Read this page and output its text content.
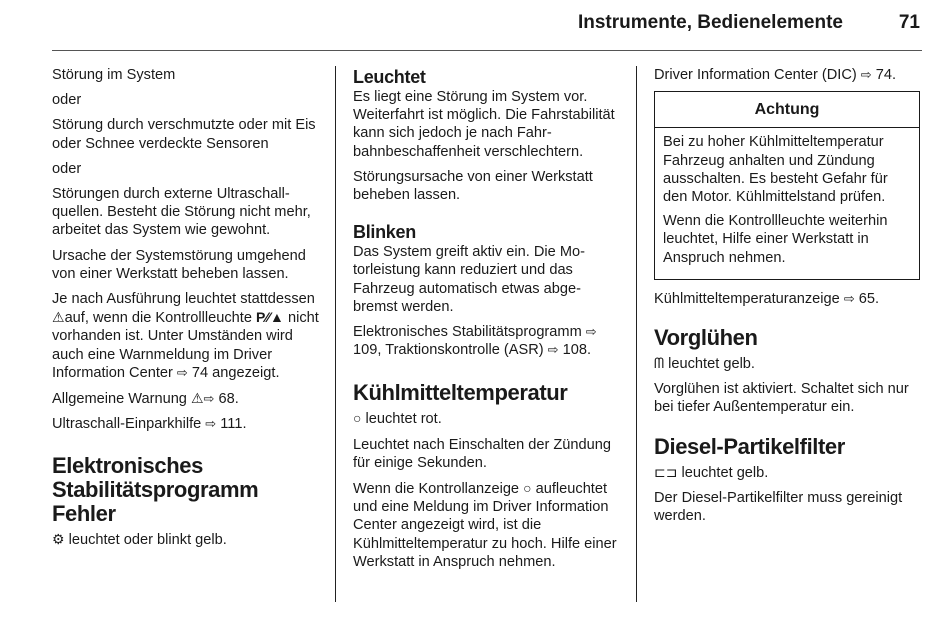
Instrumente, Bedienelemente	71

Störung im System

oder

Störung durch verschmutzte oder mit Eis oder Schnee verdeckte Sensoren

oder

Störungen durch externe Ultraschallquellen. Besteht die Störung nicht mehr, arbeitet das System wie gewohnt.

Ursache der Systemstörung umgehend von einer Werkstatt beheben lassen.

Je nach Ausführung leuchtet stattdessen ⚠auf, wenn die Kontrollleuchte P⁄⁄▲ nicht vorhanden ist. Unter Umständen wird auch eine Warnmeldung im Driver Information Center ⇨ 74 angezeigt.

Allgemeine Warnung ⚠⇨ 68.

Ultraschall-Einparkhilfe ⇨ 111.

Elektronisches Stabilitätsprogramm Fehler

⚙ leuchtet oder blinkt gelb.

Leuchtet

Es liegt eine Störung im System vor. Weiterfahrt ist möglich. Die Fahrstabilität kann sich jedoch je nach Fahrbahnbeschaffenheit verschlechtern.

Störungsursache von einer Werkstatt beheben lassen.

Blinken

Das System greift aktiv ein. Die Motorleistung kann reduziert und das Fahrzeug automatisch etwas abgebremst werden.

Elektronisches Stabilitätsprogramm ⇨ 109, Traktionskontrolle (ASR) ⇨ 108.

Kühlmitteltemperatur

○ leuchtet rot.

Leuchtet nach Einschalten der Zündung für einige Sekunden.

Wenn die Kontrollanzeige ○ aufleuchtet und eine Meldung im Driver Information Center angezeigt wird, ist die Kühlmitteltemperatur zu hoch. Hilfe einer Werkstatt in Anspruch nehmen.

Driver Information Center (DIC) ⇨ 74.

Achtung

Bei zu hoher Kühlmitteltemperatur Fahrzeug anhalten und Zündung ausschalten. Es besteht Gefahr für den Motor. Kühlmittelstand prüfen.

Wenn die Kontrollleuchte weiterhin leuchtet, Hilfe einer Werkstatt in Anspruch nehmen.

Kühlmitteltemperaturanzeige ⇨ 65.

Vorglühen

ᗰ leuchtet gelb.

Vorglühen ist aktiviert. Schaltet sich nur bei tiefer Außentemperatur ein.

Diesel-Partikelfilter

⊏⊐ leuchtet gelb.

Der Diesel-Partikelfilter muss gereinigt werden.
